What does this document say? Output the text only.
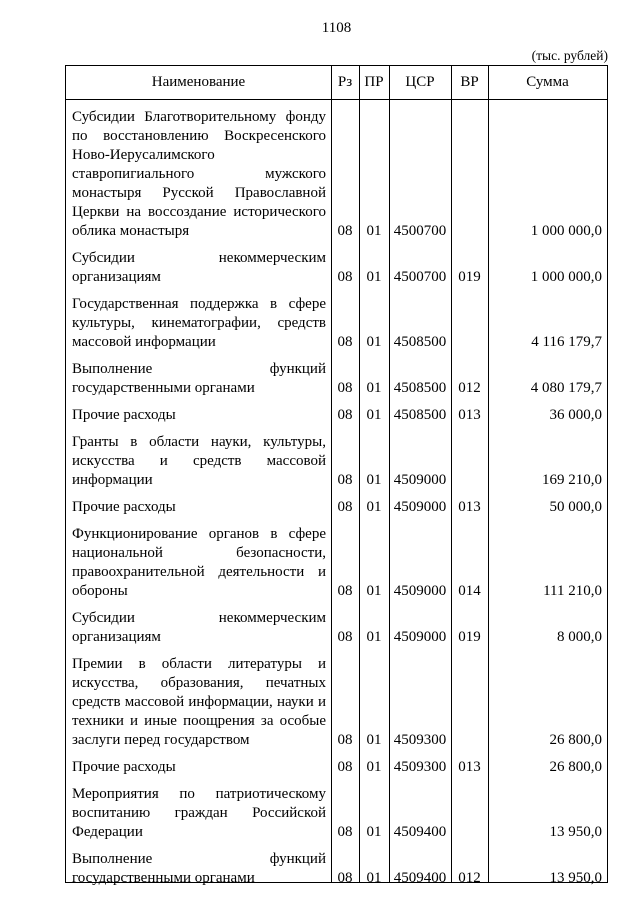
1108
(тыс. рублей)
Наименование	Рз	ПР	ЦСР	ВР	Сумма
Субсидии Благотворительному фонду по восстановлению Воскресенского Ново-Иерусалимского ставропигиального мужского монастыря Русской Православной Церкви на воссоздание исторического облика монастыря	08	01	4500700		1 000 000,0
Субсидии некоммерческим организациям	08	01	4500700	019	1 000 000,0
Государственная поддержка в сфере культуры, кинематографии, средств массовой информации	08	01	4508500		4 116 179,7
Выполнение функций государственными органами	08	01	4508500	012	4 080 179,7
Прочие расходы	08	01	4508500	013	36 000,0
Гранты в области науки, культуры, искусства и средств массовой информации	08	01	4509000		169 210,0
Прочие расходы	08	01	4509000	013	50 000,0
Функционирование органов в сфере национальной безопасности, правоохранительной деятельности и обороны	08	01	4509000	014	111 210,0
Субсидии некоммерческим организациям	08	01	4509000	019	8 000,0
Премии в области литературы и искусства, образования, печатных средств массовой информации, науки и техники и иные поощрения за особые заслуги перед государством	08	01	4509300		26 800,0
Прочие расходы	08	01	4509300	013	26 800,0
Мероприятия по патриотическому воспитанию граждан Российской Федерации	08	01	4509400		13 950,0
Выполнение функций государственными органами	08	01	4509400	012	13 950,0
